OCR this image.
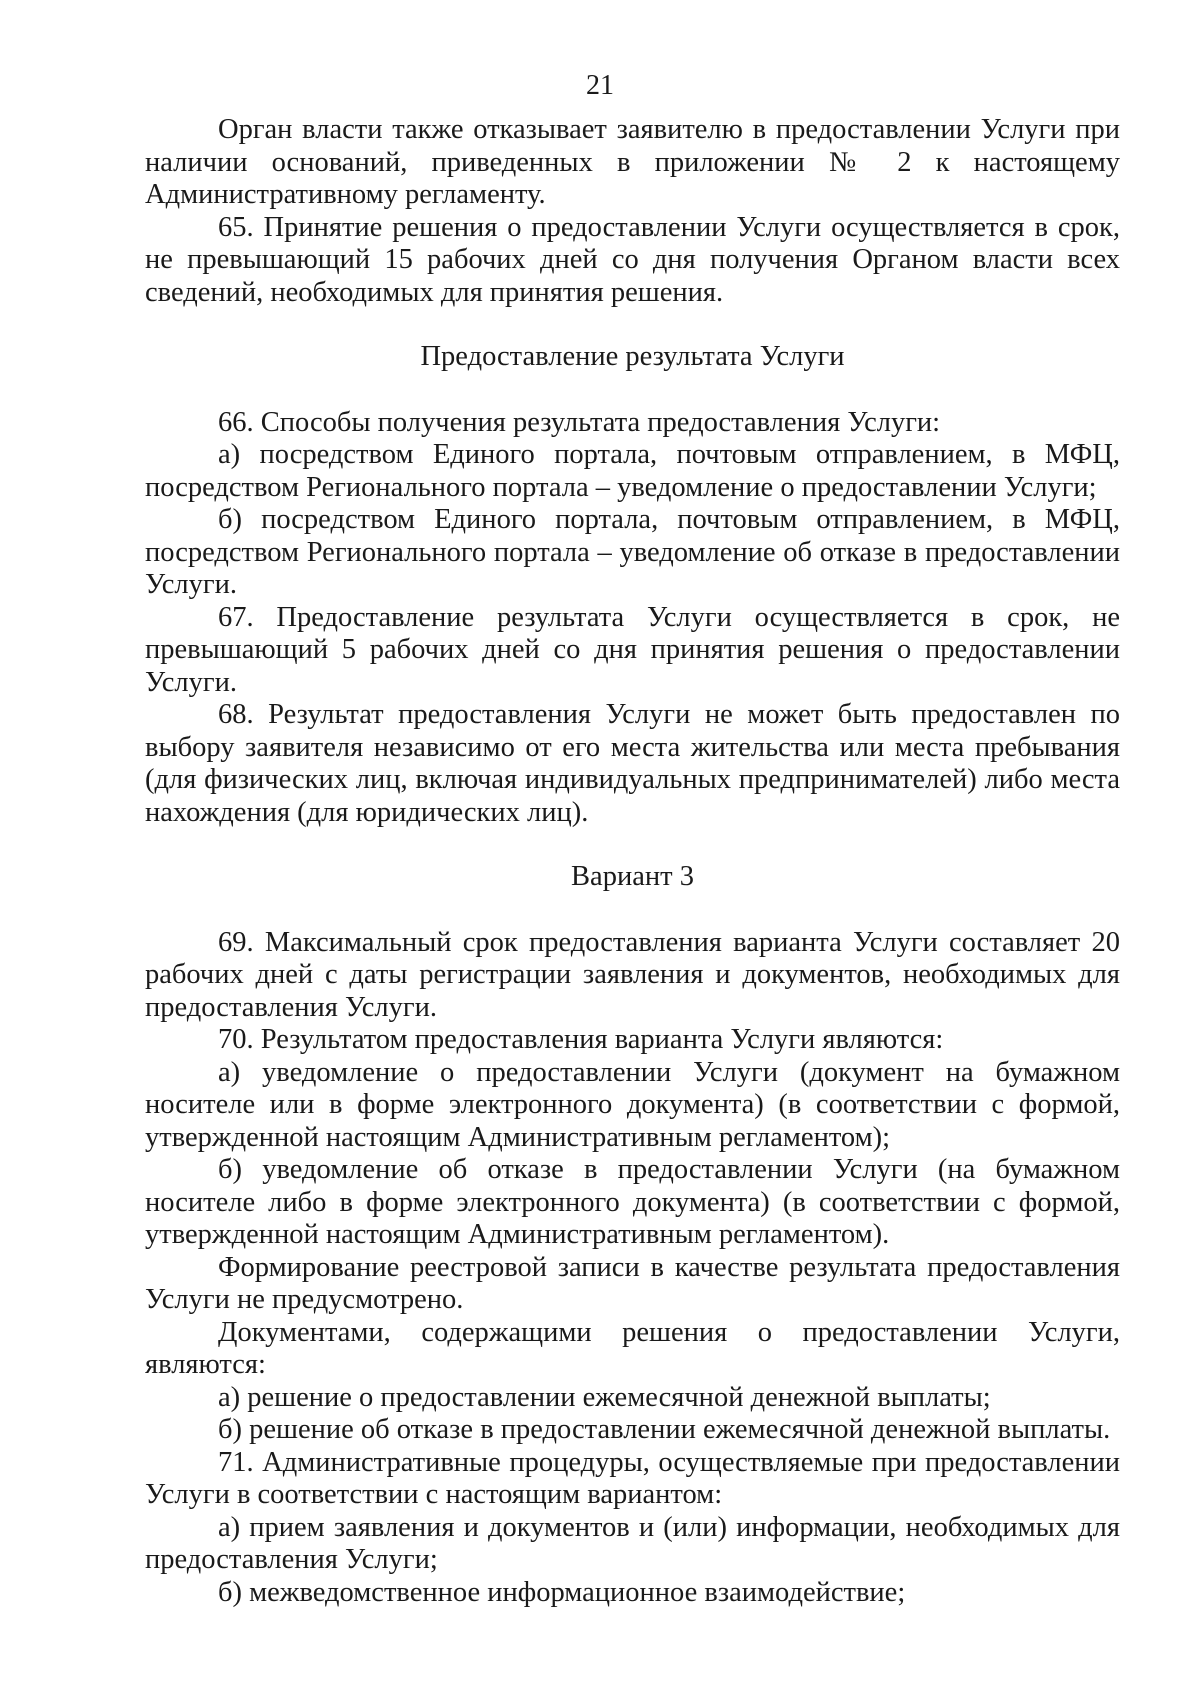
21

Орган власти также отказывает заявителю в предоставлении Услуги при наличии оснований, приведенных в приложении № 2 к настоящему Административному регламенту.

65. Принятие решения о предоставлении Услуги осуществляется в срок, не превышающий 15 рабочих дней со дня получения Органом власти всех сведений, необходимых для принятия решения.

Предоставление результата Услуги

66. Способы получения результата предоставления Услуги:

а) посредством Единого портала, почтовым отправлением, в МФЦ, посредством Регионального портала – уведомление о предоставлении Услуги;

б) посредством Единого портала, почтовым отправлением, в МФЦ, посредством Регионального портала – уведомление об отказе в предоставлении Услуги.

67. Предоставление результата Услуги осуществляется в срок, не превышающий 5 рабочих дней со дня принятия решения о предоставлении Услуги.

68. Результат предоставления Услуги не может быть предоставлен по выбору заявителя независимо от его места жительства или места пребывания (для физических лиц, включая индивидуальных предпринимателей) либо места нахождения (для юридических лиц).

Вариант 3

69. Максимальный срок предоставления варианта Услуги составляет 20 рабочих дней с даты регистрации заявления и документов, необходимых для предоставления Услуги.

70. Результатом предоставления варианта Услуги являются:

а) уведомление о предоставлении Услуги (документ на бумажном носителе или в форме электронного документа) (в соответствии с формой, утвержденной настоящим Административным регламентом);

б) уведомление об отказе в предоставлении Услуги (на бумажном носителе либо в форме электронного документа) (в соответствии с формой, утвержденной настоящим Административным регламентом).

Формирование реестровой записи в качестве результата предоставления Услуги не предусмотрено.

Документами, содержащими решения о предоставлении Услуги, являются:

а) решение о предоставлении ежемесячной денежной выплаты;

б) решение об отказе в предоставлении ежемесячной денежной выплаты.

71. Административные процедуры, осуществляемые при предоставлении Услуги в соответствии с настоящим вариантом:

а) прием заявления и документов и (или) информации, необходимых для предоставления Услуги;

б) межведомственное информационное взаимодействие;
